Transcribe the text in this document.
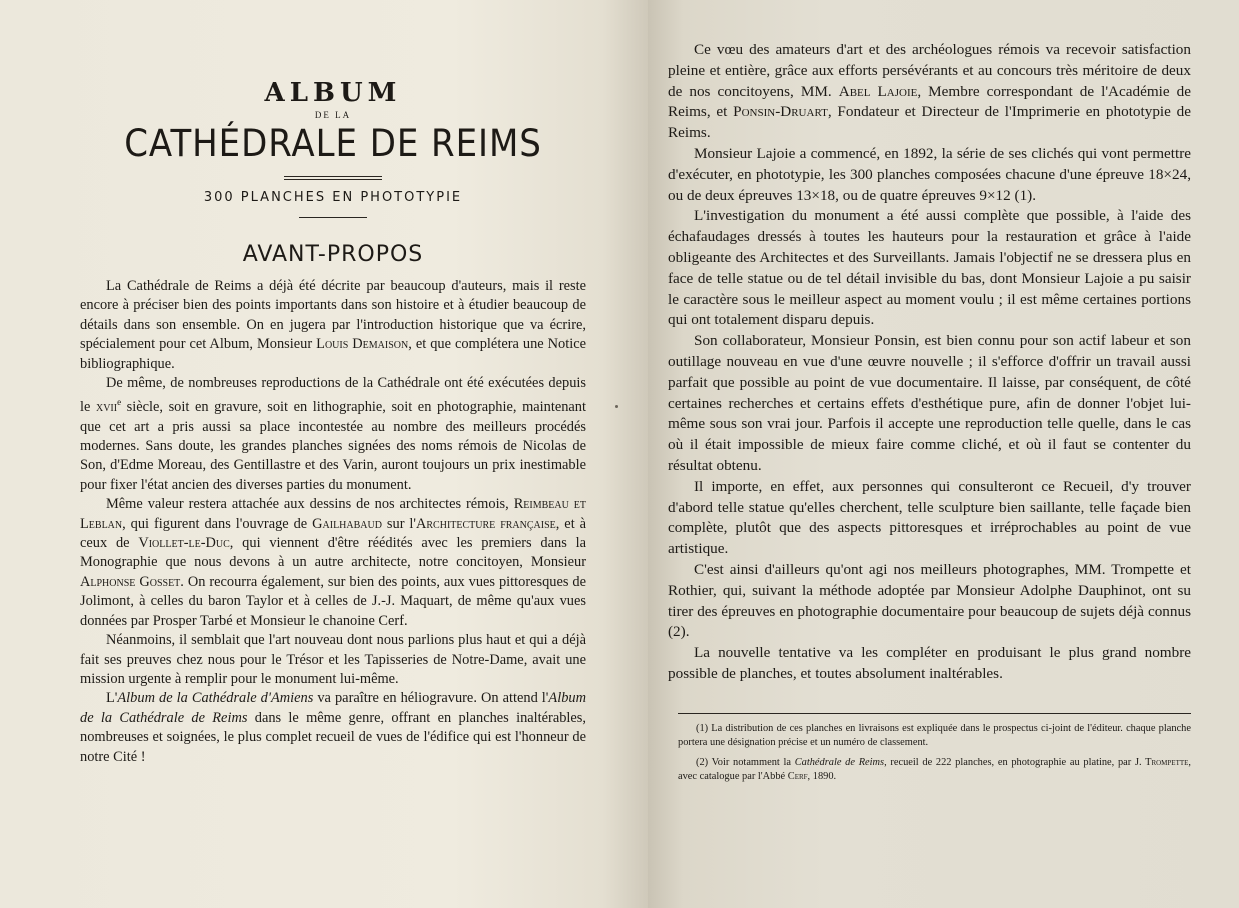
ALBUM
DE LA
CATHÉDRALE DE REIMS
300 PLANCHES EN PHOTOTYPIE
AVANT-PROPOS

La Cathédrale de Reims a déjà été décrite par beaucoup d'auteurs, mais il reste encore à préciser bien des points importants dans son histoire et à étudier beaucoup de détails dans son ensemble. On en jugera par l'introduction historique que va écrire, spécialement pour cet Album, Monsieur Louis Demaison, et que complétera une Notice bibliographique.

De même, de nombreuses reproductions de la Cathédrale ont été exécutées depuis le xvii$^e$ siècle, soit en gravure, soit en lithographie, soit en photographie, maintenant que cet art a pris aussi sa place incontestée au nombre des meilleurs procédés modernes. Sans doute, les grandes planches signées des noms rémois de Nicolas de Son, d'Edme Moreau, des Gentillastre et des Varin, auront toujours un prix inestimable pour fixer l'état ancien des diverses parties du monument.

Même valeur restera attachée aux dessins de nos architectes rémois, Reimbeau et Leblan, qui figurent dans l'ouvrage de Gailhabaud sur l'Architecture française, et à ceux de Viollet-le-Duc, qui viennent d'être réédités avec les premiers dans la Monographie que nous devons à un autre architecte, notre concitoyen, Monsieur Alphonse Gosset. On recourra également, sur bien des points, aux vues pittoresques de Jolimont, à celles du baron Taylor et à celles de J.-J. Maquart, de même qu'aux vues données par Prosper Tarbé et Monsieur le chanoine Cerf.

Néanmoins, il semblait que l'art nouveau dont nous parlions plus haut et qui a déjà fait ses preuves chez nous pour le Trésor et les Tapisseries de Notre-Dame, avait une mission urgente à remplir pour le monument lui-même.

L'Album de la Cathédrale d'Amiens va paraître en héliogravure. On attend l'Album de la Cathédrale de Reims dans le même genre, offrant en planches inaltérables, nombreuses et soignées, le plus complet recueil de vues de l'édifice qui est l'honneur de notre Cité !

Ce vœu des amateurs d'art et des archéologues rémois va recevoir satisfaction pleine et entière, grâce aux efforts persévérants et au concours très méritoire de deux de nos concitoyens, MM. Abel Lajoie, Membre correspondant de l'Académie de Reims, et Ponsin-Druart, Fondateur et Directeur de l'Imprimerie en phototypie de Reims.

Monsieur Lajoie a commencé, en 1892, la série de ses clichés qui vont permettre d'exécuter, en phototypie, les 300 planches composées chacune d'une épreuve 18×24, ou de deux épreuves 13×18, ou de quatre épreuves 9×12 (1).

L'investigation du monument a été aussi complète que possible, à l'aide des échafaudages dressés à toutes les hauteurs pour la restauration et grâce à l'aide obligeante des Architectes et des Surveillants. Jamais l'objectif ne se dressera plus en face de telle statue ou de tel détail invisible du bas, dont Monsieur Lajoie a pu saisir le caractère sous le meilleur aspect au moment voulu ; il est même certaines portions qui ont totalement disparu depuis.

Son collaborateur, Monsieur Ponsin, est bien connu pour son actif labeur et son outillage nouveau en vue d'une œuvre nouvelle ; il s'efforce d'offrir un travail aussi parfait que possible au point de vue documentaire. Il laisse, par conséquent, de côté certaines recherches et certains effets d'esthétique pure, afin de donner l'objet lui-même sous son vrai jour. Parfois il accepte une reproduction telle quelle, dans le cas où il était impossible de mieux faire comme cliché, et où il faut se contenter du résultat obtenu.

Il importe, en effet, aux personnes qui consulteront ce Recueil, d'y trouver d'abord telle statue qu'elles cherchent, telle sculpture bien saillante, telle façade bien complète, plutôt que des aspects pittoresques et irréprochables au point de vue artistique.

C'est ainsi d'ailleurs qu'ont agi nos meilleurs photographes, MM. Trompette et Rothier, qui, suivant la méthode adoptée par Monsieur Adolphe Dauphinot, ont su tirer des épreuves en photographie documentaire pour beaucoup de sujets déjà connus (2).

La nouvelle tentative va les compléter en produisant le plus grand nombre possible de planches, et toutes absolument inaltérables.

(1) La distribution de ces planches en livraisons est expliquée dans le prospectus ci-joint de l'éditeur. chaque planche portera une désignation précise et un numéro de classement.

(2) Voir notamment la Cathédrale de Reims, recueil de 222 planches, en photographie au platine, par J. Trompette, avec catalogue par l'Abbé Cerf, 1890.
